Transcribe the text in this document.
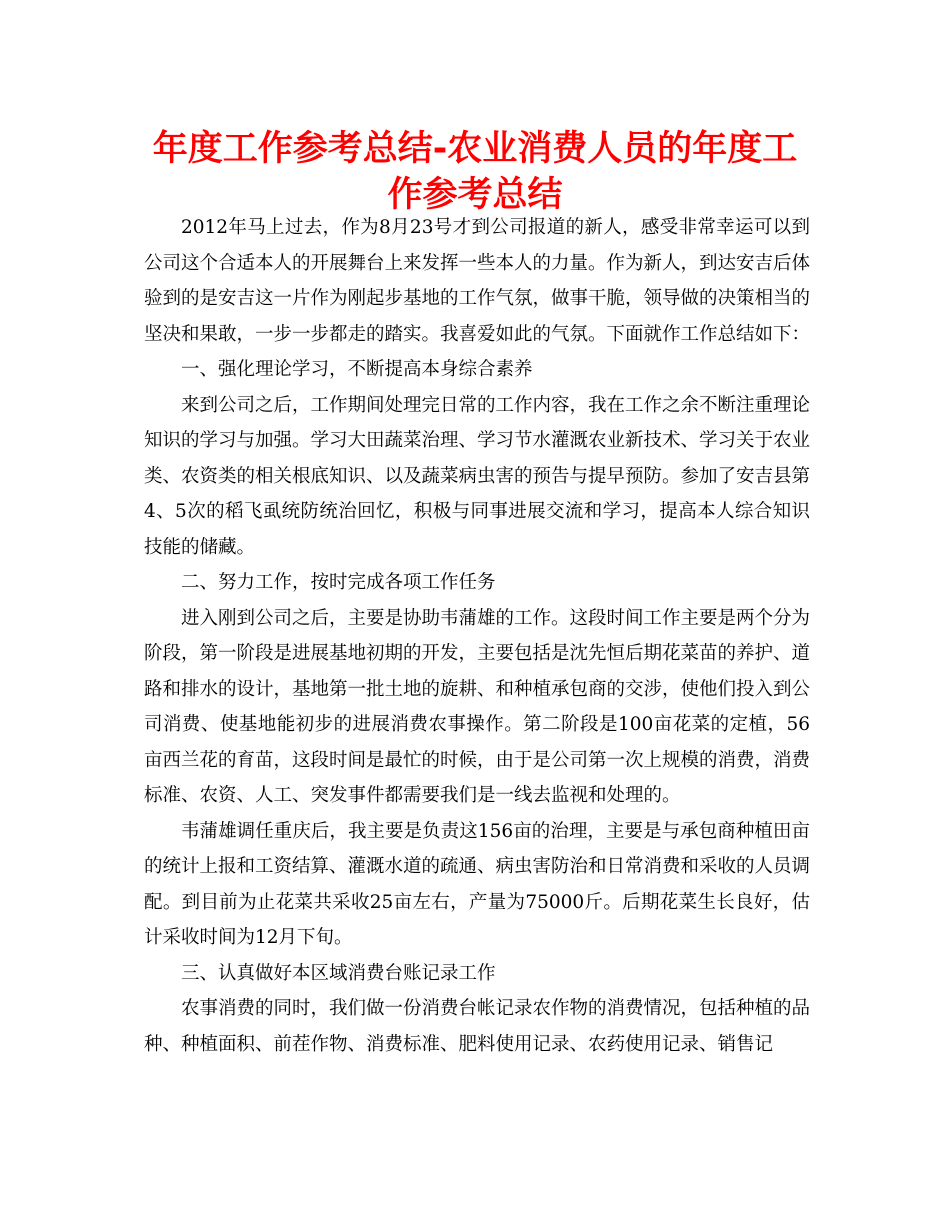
年度工作参考总结-农业消费人员的年度工作参考总结

2012年马上过去，作为8月23号才到公司报道的新人，感受非常幸运可以到公司这个合适本人的开展舞台上来发挥一些本人的力量。作为新人，到达安吉后体验到的是安吉这一片作为刚起步基地的工作气氛，做事干脆，领导做的决策相当的坚决和果敢，一步一步都走的踏实。我喜爱如此的气氛。下面就作工作总结如下：

一、强化理论学习，不断提高本身综合素养

来到公司之后，工作期间处理完日常的工作内容，我在工作之余不断注重理论知识的学习与加强。学习大田蔬菜治理、学习节水灌溉农业新技术、学习关于农业类、农资类的相关根底知识、以及蔬菜病虫害的预告与提早预防。参加了安吉县第4、5次的稻飞虱统防统治回忆，积极与同事进展交流和学习，提高本人综合知识技能的储藏。

二、努力工作，按时完成各项工作任务

进入刚到公司之后，主要是协助韦蒲雄的工作。这段时间工作主要是两个分为阶段，第一阶段是进展基地初期的开发，主要包括是沈先恒后期花菜苗的养护、道路和排水的设计，基地第一批土地的旋耕、和种植承包商的交涉，使他们投入到公司消费、使基地能初步的进展消费农事操作。第二阶段是100亩花菜的定植，56亩西兰花的育苗，这段时间是最忙的时候，由于是公司第一次上规模的消费，消费标准、农资、人工、突发事件都需要我们是一线去监视和处理的。

韦蒲雄调任重庆后，我主要是负责这156亩的治理，主要是与承包商种植田亩的统计上报和工资结算、灌溉水道的疏通、病虫害防治和日常消费和采收的人员调配。到目前为止花菜共采收25亩左右，产量为75000斤。后期花菜生长良好，估计采收时间为12月下旬。

三、认真做好本区域消费台账记录工作

农事消费的同时，我们做一份消费台帐记录农作物的消费情况，包括种植的品种、种植面积、前茬作物、消费标准、肥料使用记录、农药使用记录、销售记
